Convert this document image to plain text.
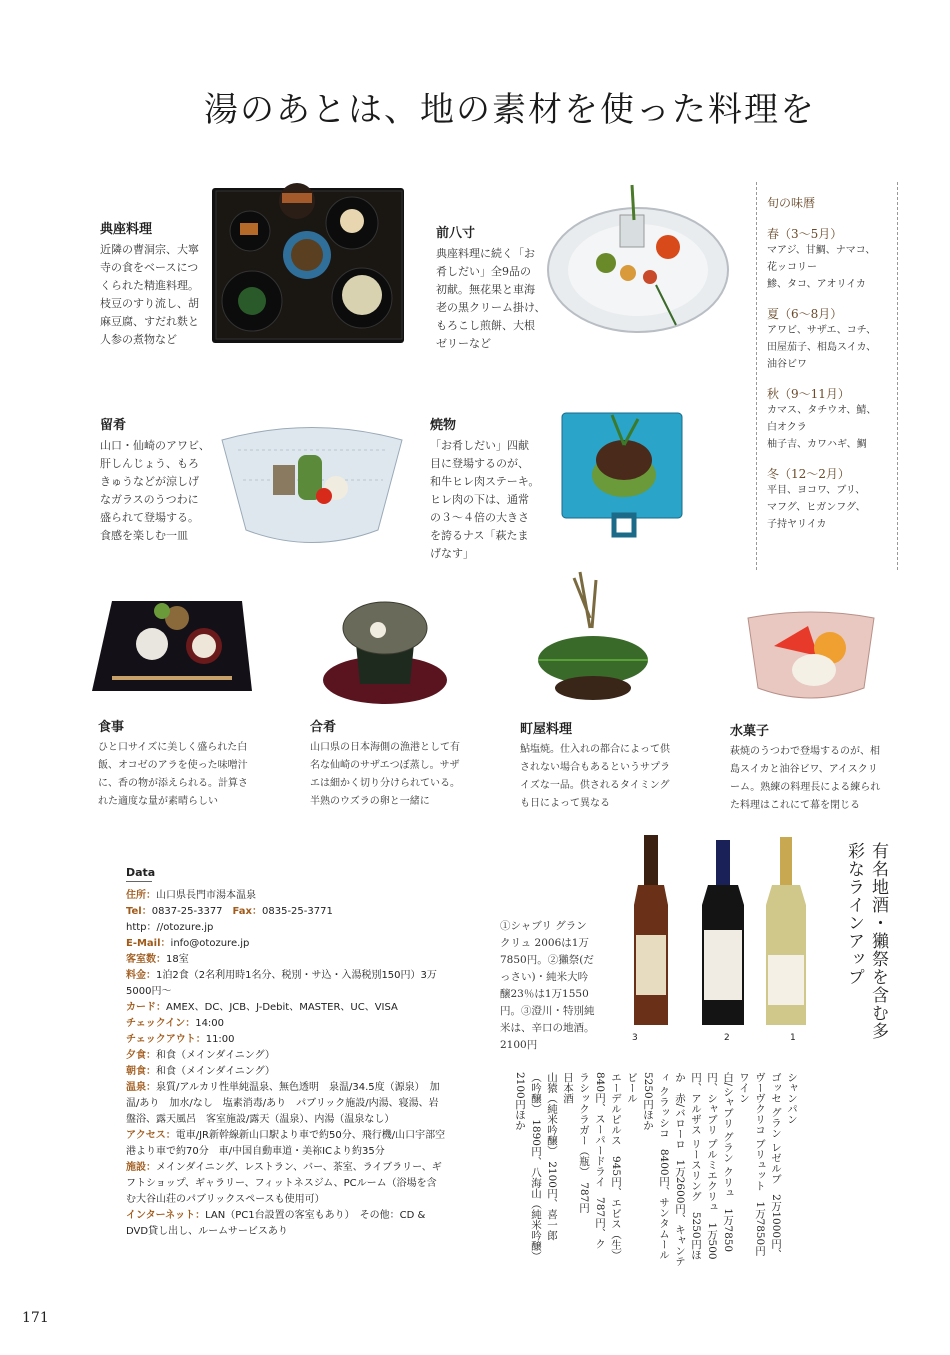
湯のあとは、地の素材を使った料理を
典座料理
近隣の曹洞宗、大寧
寺の食をベースにつ
くられた精進料理。
枝豆のすり流し、胡
麻豆腐、すだれ麩と
人参の煮物など
前八寸
典座料理に続く「お
肴しだい」全9品の
初献。無花果と車海
老の黒クリーム掛け、
もろこし煎餅、大根
ゼリーなど
旬の味暦
春（3～5月）
マアジ、甘鯛、ナマコ、
花ッコリー
鯵、タコ、アオリイカ
夏（6～8月）
アワビ、サザエ、コチ、
田屋茄子、相島スイカ、
油谷ビワ
秋（9～11月）
カマス、タチウオ、鯖、
白オクラ
柚子吉、カワハギ、鯛
冬（12～2月）
平目、ヨコワ、ブリ、
マフグ、ヒガンフグ、
子持ヤリイカ
留肴
山口・仙崎のアワビ、
肝しんじょう、もろ
きゅうなどが涼しげ
なガラスのうつわに
盛られて登場する。
食感を楽しむ一皿
焼物
「お肴しだい」四献
目に登場するのが、
和牛ヒレ肉ステーキ。
ヒレ肉の下は、通常
の３～４倍の大きさ
を誇るナス「萩たま
げなす」
食事
ひと口サイズに美しく盛られた白
飯、オコゼのアラを使った味噌汁
に、香の物が添えられる。計算さ
れた適度な量が素晴らしい
合肴
山口県の日本海側の漁港として有
名な仙崎のサザエつぼ蒸し。サザ
エは細かく切り分けられている。
半熟のウズラの卵と一緒に
町屋料理
鮎塩焼。仕入れの都合によって供
されない場合もあるというサプラ
イズな一品。供されるタイミング
も日によって異なる
水菓子
萩焼のうつわで登場するのが、相
島スイカと油谷ビワ、アイスクリ
ーム。熟練の料理長による練られ
た料理はこれにて幕を閉じる
Data
住所：山口県長門市湯本温泉
Tel：0837-25-3377　Fax：0835-25-3771
http：//otozure.jp
E-Mail：info@otozure.jp
客室数：18室
料金：1泊2食（2名利用時1名分、税別・サ込・入湯税別150円）3万5000円～
カード：AMEX、DC、JCB、J-Debit、MASTER、UC、VISA
チェックイン：14:00
チェックアウト：11:00
夕食：和食（メインダイニング）
朝食：和食（メインダイニング）
温泉：泉質/アルカリ性単純温泉、無色透明　泉温/34.5度（源泉）　加温/あり　加水/なし　塩素消毒/あり　パブリック施設/内湯、寝湯、岩盤浴、露天風呂　客室施設/露天（温泉）、内湯（温泉なし）
アクセス：電車/JR新幹線新山口駅より車で約50分、飛行機/山口宇部空港より車で約70分　車/中国自動車道・美祢ICより約35分
施設：メインダイニング、レストラン、バー、茶室、ライブラリー、ギフトショップ、ギャラリー、フィットネスジム、PCルーム（浴場を含む大谷山荘のパブリックスペースも使用可）
インターネット：LAN（PC1台設置の客室もあり）　その他：CD & DVD貸し出し、ルームサービスあり
①シャブリ グラン
クリュ 2006は1万
7850円。②獺祭(だ
っさい)・純米大吟
醸23％は1万1550
円。③澄川・特別純
米は、辛口の地酒。
2100円
3	2	1	有名地酒・獺祭を含む多彩なラインアップ
シャンパン
ゴッセ グラン レゼルブ　2万1000円、
ヴーヴクリコ ブリュット　1万7850円
ワイン
白/シャブリ グラン クリュ　1万7850
円、シャブリ プルミエクリュ　1万500
円、アルザス リースリング　5250円ほ
か　赤/バローロ　1万2600円、キャンテ
ィ クラッシコ　8400円、サンタムール
5250円ほか
ビール
エーデルピルス　945円、エビス（生）
840円、スーパードライ　787円、ク
ラシックラガー（瓶）　787円
日本酒
山猿（純米吟醸）　2100円、喜一郎
（吟醸）　1890円、八海山（純米吟醸）
2100円ほか
171
